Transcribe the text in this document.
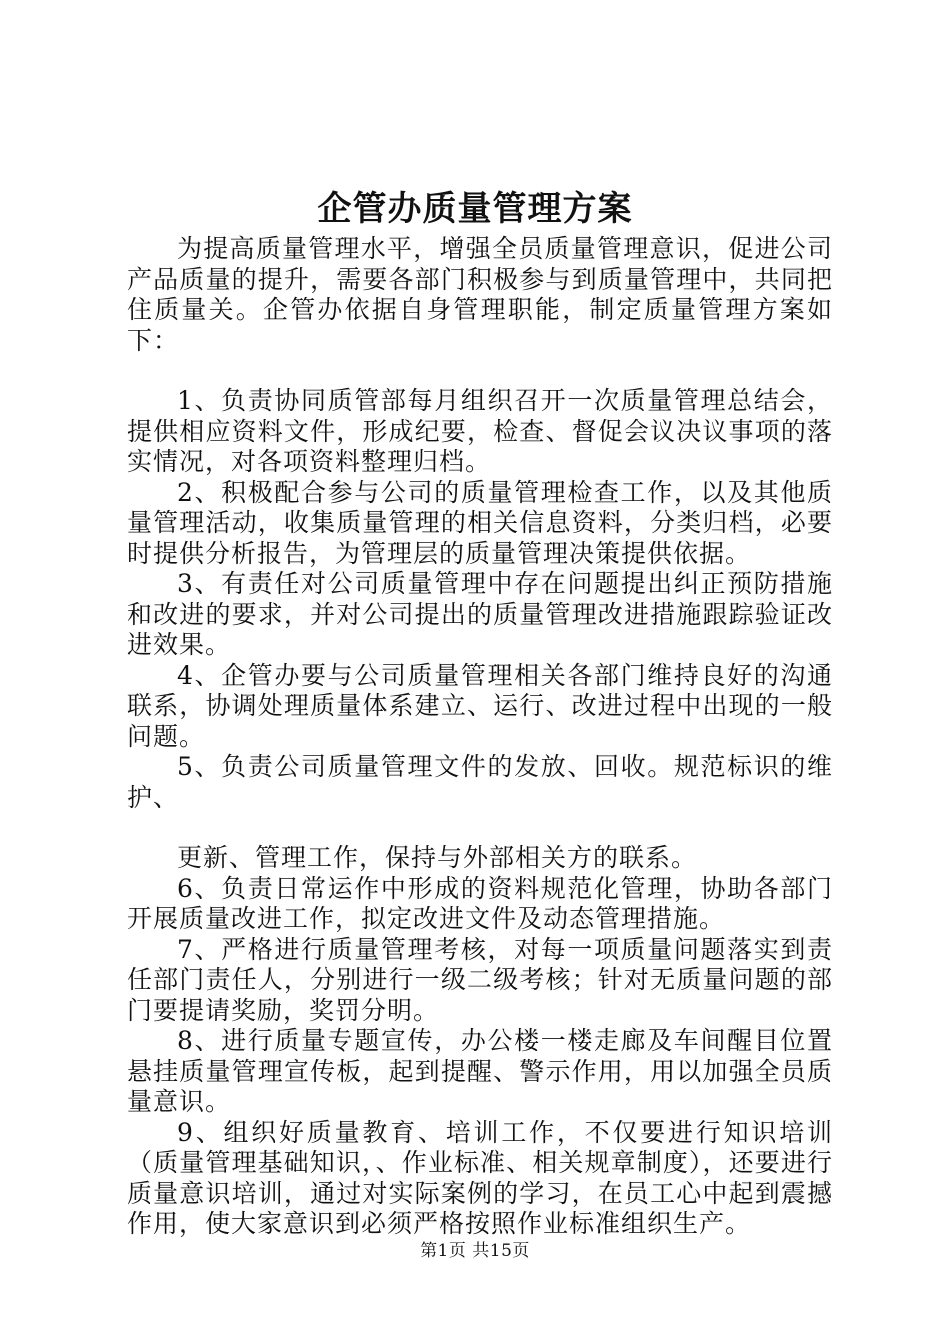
企管办质量管理方案

为提高质量管理水平，增强全员质量管理意识，促进公司产品质量的提升，需要各部门积极参与到质量管理中，共同把住质量关。企管办依据自身管理职能，制定质量管理方案如下：

1、负责协同质管部每月组织召开一次质量管理总结会，提供相应资料文件，形成纪要，检查、督促会议决议事项的落实情况，对各项资料整理归档。

2、积极配合参与公司的质量管理检查工作，以及其他质量管理活动，收集质量管理的相关信息资料，分类归档，必要时提供分析报告，为管理层的质量管理决策提供依据。

3、有责任对公司质量管理中存在问题提出纠正预防措施和改进的要求，并对公司提出的质量管理改进措施跟踪验证改进效果。

4、企管办要与公司质量管理相关各部门维持良好的沟通联系，协调处理质量体系建立、运行、改进过程中出现的一般问题。

5、负责公司质量管理文件的发放、回收。规范标识的维护、

更新、管理工作，保持与外部相关方的联系。

6、负责日常运作中形成的资料规范化管理，协助各部门开展质量改进工作，拟定改进文件及动态管理措施。

7、严格进行质量管理考核，对每一项质量问题落实到责任部门责任人，分别进行一级二级考核；针对无质量问题的部门要提请奖励，奖罚分明。

8、进行质量专题宣传，办公楼一楼走廊及车间醒目位置悬挂质量管理宣传板，起到提醒、警示作用，用以加强全员质量意识。

9、组织好质量教育、培训工作，不仅要进行知识培训（质量管理基础知识，、作业标准、相关规章制度），还要进行质量意识培训，通过对实际案例的学习，在员工心中起到震撼作用，使大家意识到必须严格按照作业标准组织生产。

第1页 共15页
